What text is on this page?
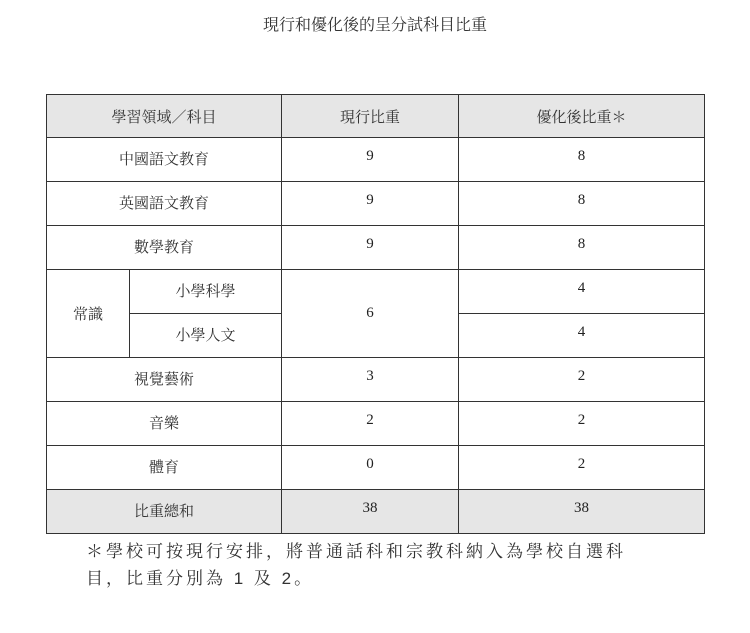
現行和優化後的呈分試科目比重
學習領域／科目		現行比重	優化後比重＊
中國語文教育		9	8
英國語文教育		9	8
數學教育		9	8
常識	小學科學	6	4
	小學人文		4
視覺藝術		3	2
音樂		2	2
體育		0	2
比重總和		38	38
＊學校可按現行安排，將普通話科和宗教科納入為學校自選科
目，比重分別為 1 及 2。
